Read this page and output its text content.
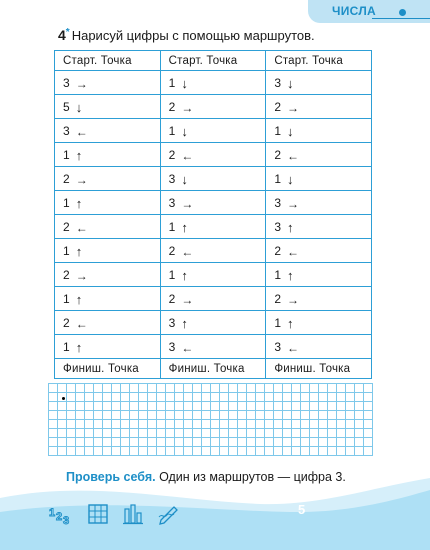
ЧИСЛА
4* Нарисуй цифры с помощью маршрутов.
Старт. Точка	Старт. Точка	Старт. Точка

3 →	1 ↓	3 ↓

5 ↓	2 →	2 →

3 ←	1 ↓	1 ↓

1 ↑	2 ←	2 ←

2 →	3 ↓	1 ↓

1 ↑	3 →	3 →

2 ←	1 ↑	3 ↑

1 ↑	2 ←	2 ←

2 →	1 ↑	1 ↑

1 ↑	2 →	2 →

2 ←	3 ↑	1 ↑

1 ↑	3 ←	3 ←

Финиш. Точка	Финиш. Точка	Финиш. Точка
Проверь себя. Один из маршрутов — цифра 3.
5
1 2 3
